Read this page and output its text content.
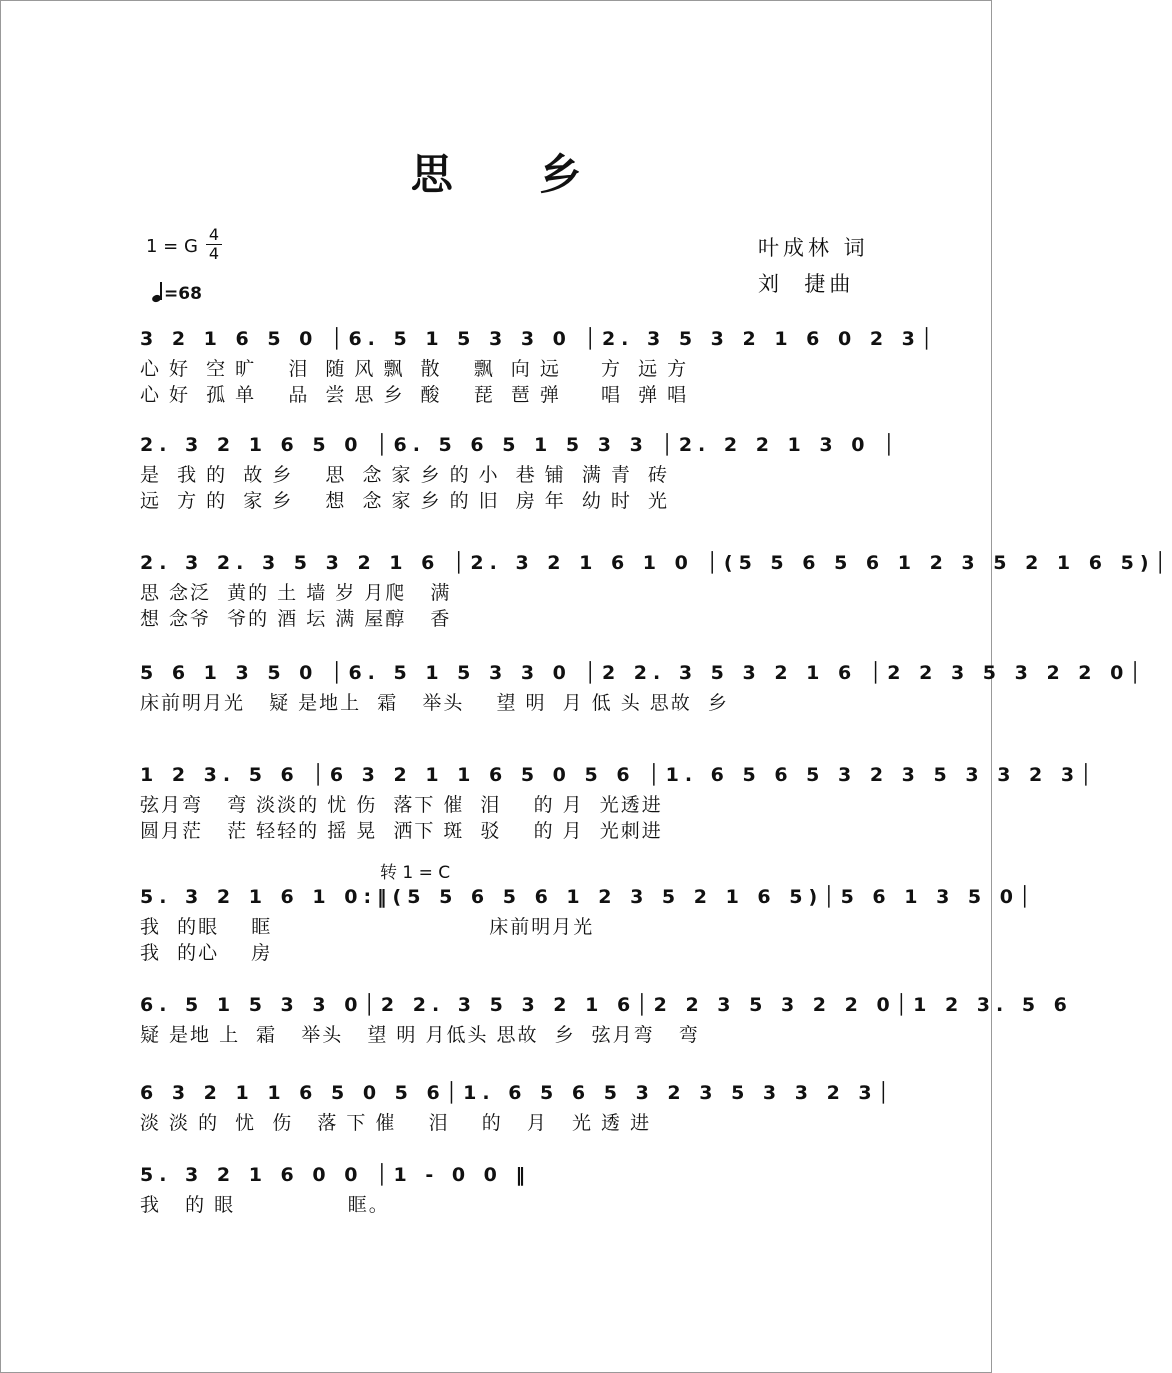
思 乡
1 = G
4
4
=68
叶成林 词
刘  捷曲
转 1 = C
3 2 1 6 5 0 │6. 5 1 5 3 3 0 │2. 3 5 3 2 1 6 0 2 3│
心 好  空 旷    泪  随 风 飘  散    飘  向 远     方  远 方
心 好  孤 单    品  尝 思 乡  酸    琵  琶 弹     唱  弹 唱
2. 3 2 1 6 5 0 │6. 5 6 5 1 5 3 3 │2. 2 2 1 3 0 │
是  我 的  故 乡    思  念 家 乡 的 小  巷 铺  满 青  砖
远  方 的  家 乡    想  念 家 乡 的 旧  房 年  幼 时  光
2. 3 2. 3 5 3 2 1 6 │2. 3 2 1 6 1 0 │(5 5 6 5 6 1 2 3 5 2 1 6 5)│
思 念泛  黄的 土 墙 岁 月爬   满
想 念爷  爷的 酒 坛 满 屋醇   香
5 6 1 3 5 0 │6. 5 1 5 3 3 0 │2 2. 3 5 3 2 1 6 │2 2 3 5 3 2 2 0│
床前明月光   疑 是地上  霜   举头    望 明  月 低 头 思故  乡
1 2 3. 5 6 │6 3 2 1 1 6 5 0 5 6 │1. 6 5 6 5 3 2 3 5 3 3 2 3│
弦月弯   弯 淡淡的 忧 伤  落下 催  泪    的 月  光透进
圆月茫   茫 轻轻的 摇 晃  洒下 斑  驳    的 月  光刺进
5. 3 2 1 6 1 0:‖(5 5 6 5 6 1 2 3 5 2 1 6 5)│5 6 1 3 5 0│
我  的眼    眶                           床前明月光
我  的心    房
6. 5 1 5 3 3 0│2 2. 3 5 3 2 1 6│2 2 3 5 3 2 2 0│1 2 3. 5 6
疑 是地 上  霜   举头   望 明 月低头 思故  乡  弦月弯   弯
6 3 2 1 1 6 5 0 5 6│1. 6 5 6 5 3 2 3 5 3 3 2 3│
淡 淡 的  忧  伤   落 下 催    泪    的   月   光 透 进
5. 3 2 1 6 0 0 │1 - 0 0 ‖
我   的 眼              眶。
